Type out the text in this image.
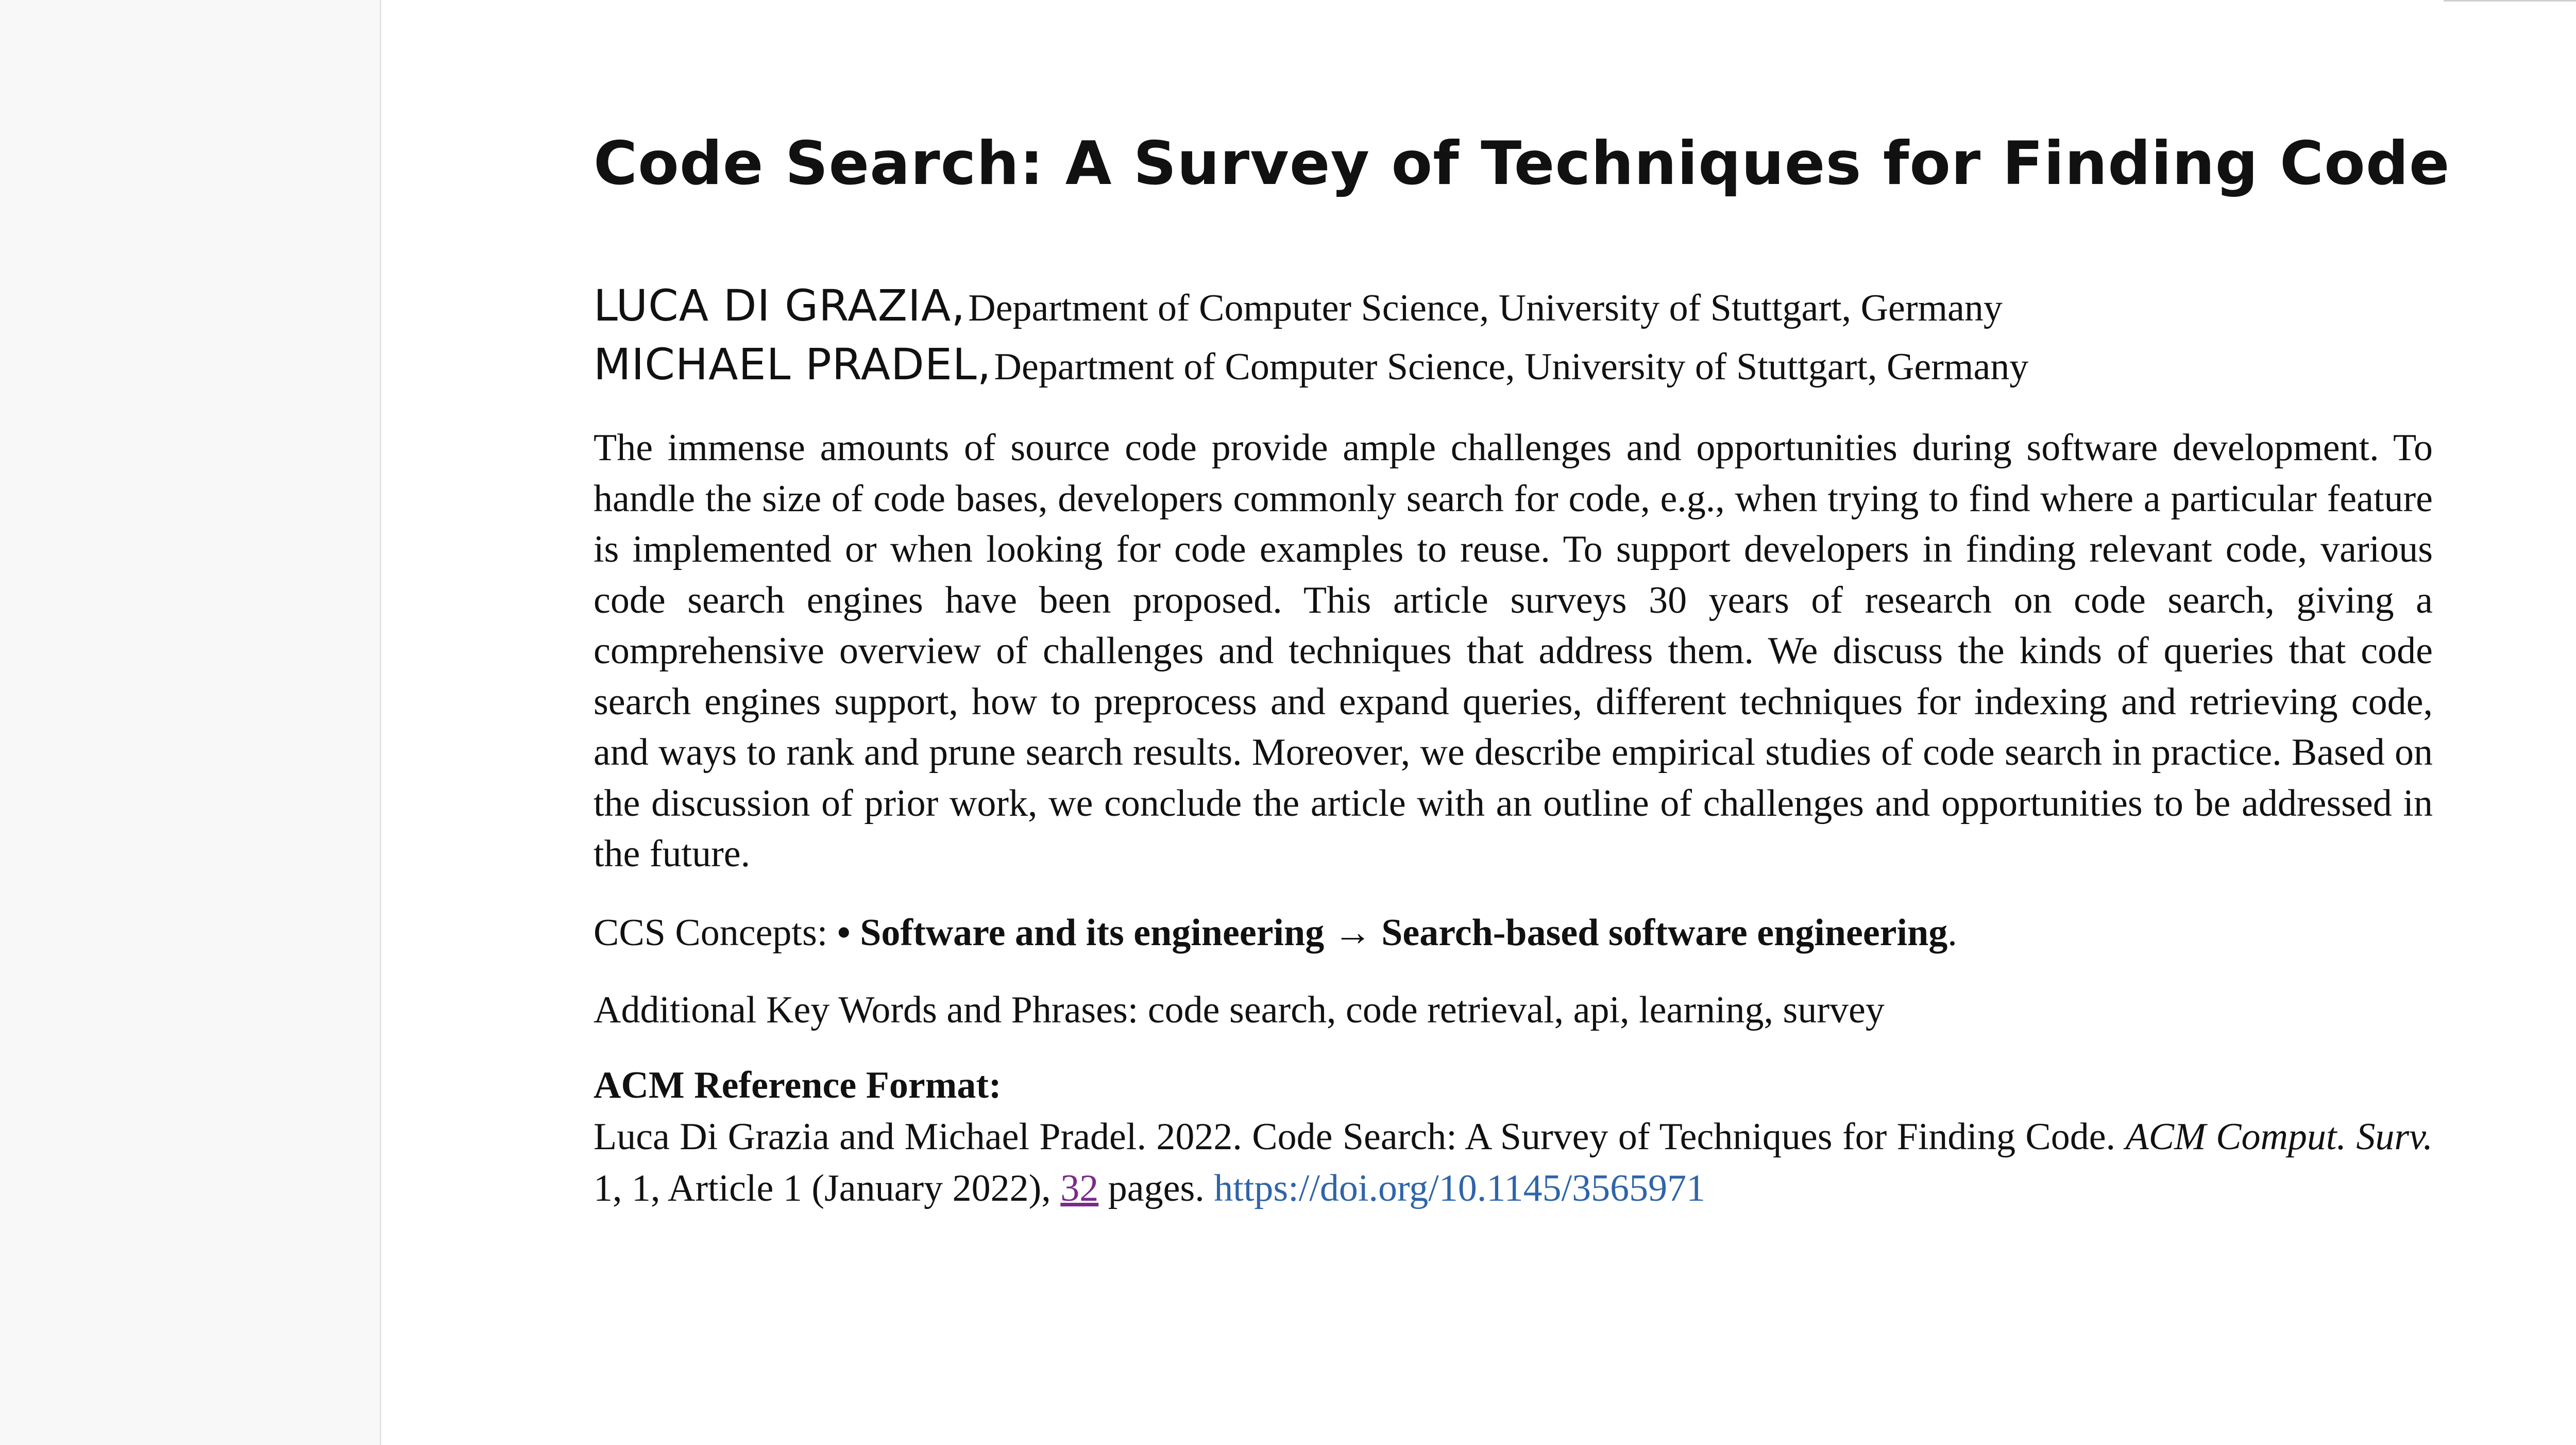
Code Search: A Survey of Techniques for Finding Code
LUCA DI GRAZIA, Department of Computer Science, University of Stuttgart, Germany
MICHAEL PRADEL, Department of Computer Science, University of Stuttgart, Germany

The immense amounts of source code provide ample challenges and opportunities during software development. To handle the size of code bases, developers commonly search for code, e.g., when trying to find where a particular feature is implemented or when looking for code examples to reuse. To support developers in finding relevant code, various code search engines have been proposed. This article surveys 30 years of research on code search, giving a comprehensive overview of challenges and techniques that address them. We discuss the kinds of queries that code search engines support, how to preprocess and expand queries, different techniques for indexing and retrieving code, and ways to rank and prune search results. Moreover, we describe empirical studies of code search in practice. Based on the discussion of prior work, we conclude the article with an outline of challenges and opportunities to be addressed in the future.

CCS Concepts: • Software and its engineering → Search-based software engineering.

Additional Key Words and Phrases: code search, code retrieval, api, learning, survey

ACM Reference Format:

Luca Di Grazia and Michael Pradel. 2022. Code Search: A Survey of Techniques for Finding Code. ACM Comput. Surv. 1, 1, Article 1 (January 2022), 32 pages. https://doi.org/10.1145/3565971
